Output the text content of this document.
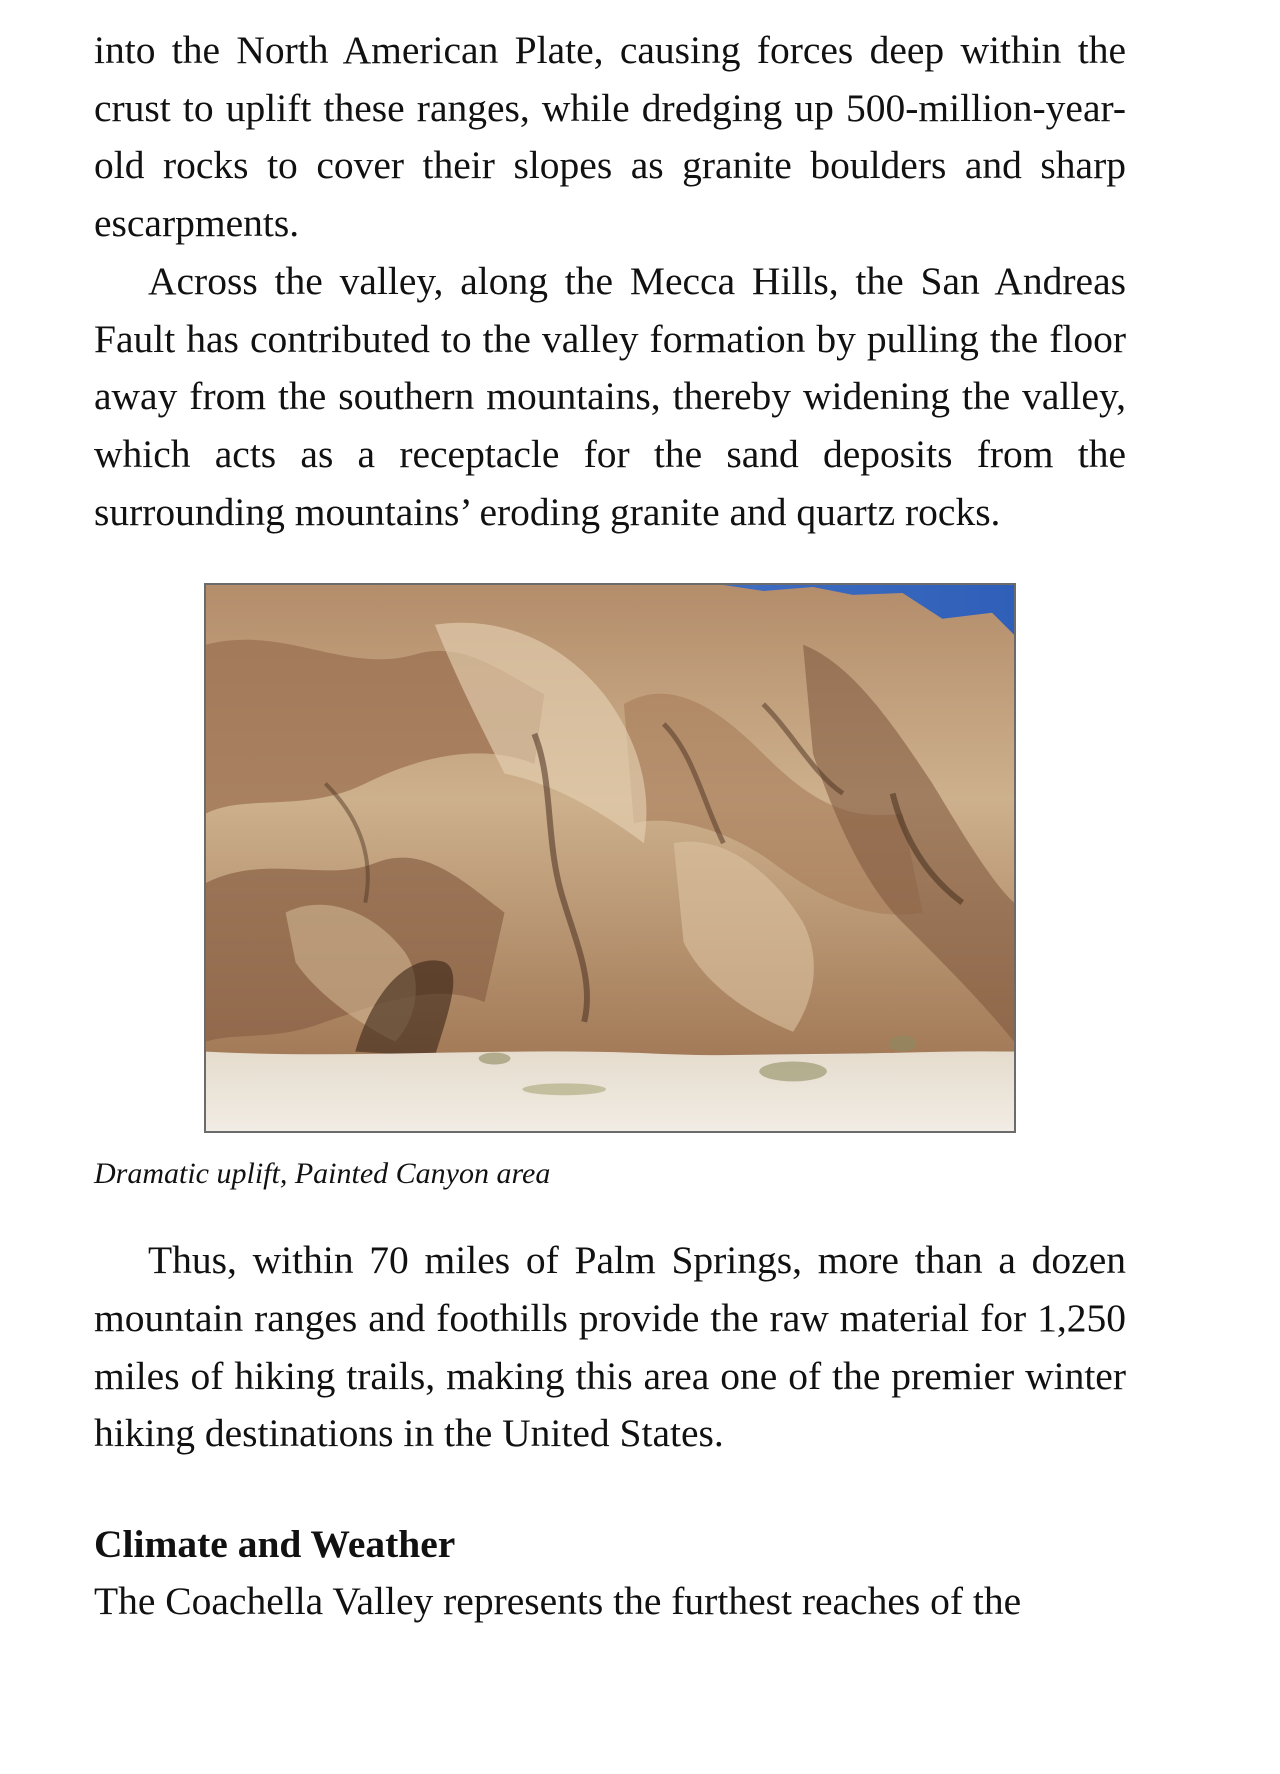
into the North American Plate, causing forces deep within the crust to uplift these ranges, while dredging up 500-million-year-old rocks to cover their slopes as granite boulders and sharp escarpments.

Across the valley, along the Mecca Hills, the San Andreas Fault has contributed to the valley formation by pulling the floor away from the southern mountains, thereby widening the valley, which acts as a receptacle for the sand deposits from the surrounding mountains’ eroding granite and quartz rocks.

Dramatic uplift, Painted Canyon area

Thus, within 70 miles of Palm Springs, more than a dozen mountain ranges and foothills provide the raw material for 1,250 miles of hiking trails, making this area one of the premier winter hiking destinations in the United States.

Climate and Weather

The Coachella Valley represents the furthest reaches of the
